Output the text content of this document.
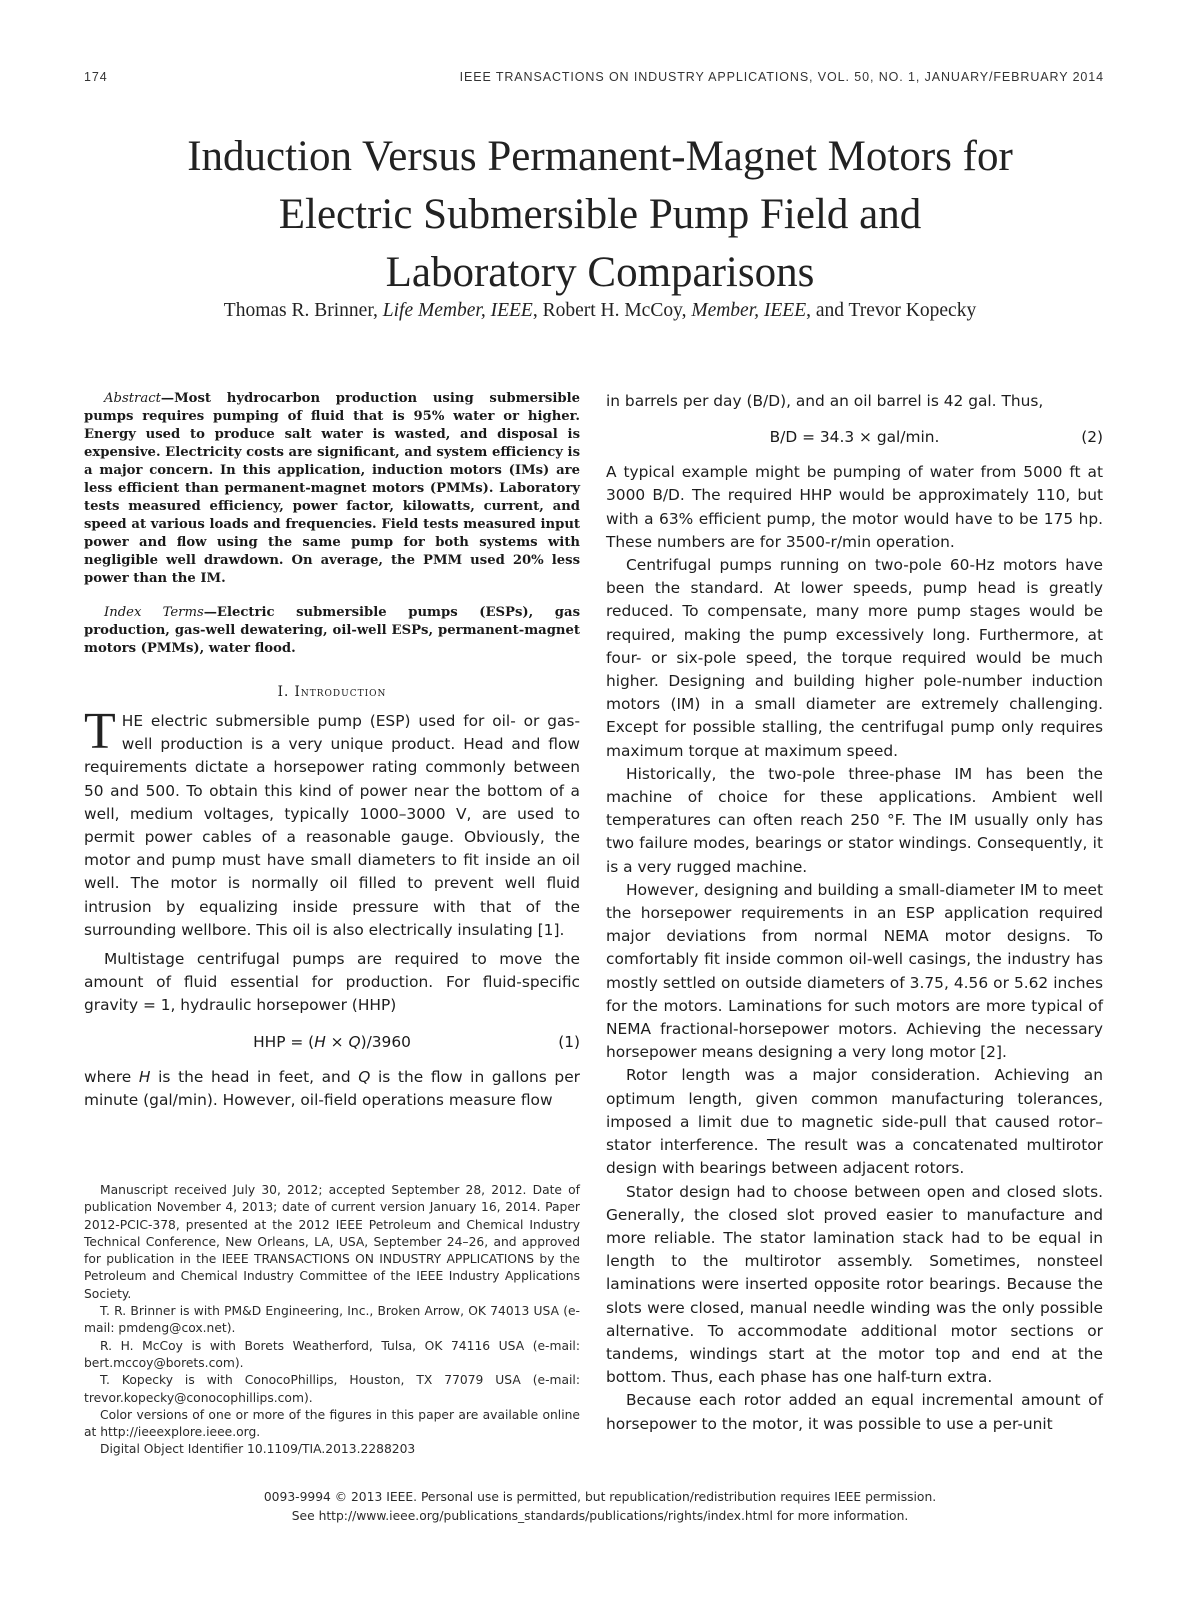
174	IEEE TRANSACTIONS ON INDUSTRY APPLICATIONS, VOL. 50, NO. 1, JANUARY/FEBRUARY 2014
Induction Versus Permanent-Magnet Motors for
Electric Submersible Pump Field and
Laboratory Comparisons
Thomas R. Brinner, Life Member, IEEE, Robert H. McCoy, Member, IEEE, and Trevor Kopecky

Abstract—Most hydrocarbon production using submersible pumps requires pumping of fluid that is 95% water or higher. Energy used to produce salt water is wasted, and disposal is expensive. Electricity costs are significant, and system efficiency is a major concern. In this application, induction motors (IMs) are less efficient than permanent-magnet motors (PMMs). Laboratory tests measured efficiency, power factor, kilowatts, current, and speed at various loads and frequencies. Field tests measured input power and flow using the same pump for both systems with negligible well drawdown. On average, the PMM used 20% less power than the IM.

Index Terms—Electric submersible pumps (ESPs), gas production, gas-well dewatering, oil-well ESPs, permanent-magnet motors (PMMs), water flood.

I. Introduction

THE electric submersible pump (ESP) used for oil- or gas-well production is a very unique product. Head and flow requirements dictate a horsepower rating commonly between 50 and 500. To obtain this kind of power near the bottom of a well, medium voltages, typically 1000–3000 V, are used to permit power cables of a reasonable gauge. Obviously, the motor and pump must have small diameters to fit inside an oil well. The motor is normally oil filled to prevent well fluid intrusion by equalizing inside pressure with that of the surrounding wellbore. This oil is also electrically insulating [1].

Multistage centrifugal pumps are required to move the amount of fluid essential for production. For fluid-specific gravity = 1, hydraulic horsepower (HHP)

HHP = (H × Q)/3960	(1)

where H is the head in feet, and Q is the flow in gallons per minute (gal/min). However, oil-field operations measure flow

Manuscript received July 30, 2012; accepted September 28, 2012. Date of publication November 4, 2013; date of current version January 16, 2014. Paper 2012-PCIC-378, presented at the 2012 IEEE Petroleum and Chemical Industry Technical Conference, New Orleans, LA, USA, September 24–26, and approved for publication in the IEEE TRANSACTIONS ON INDUSTRY APPLICATIONS by the Petroleum and Chemical Industry Committee of the IEEE Industry Applications Society.

T. R. Brinner is with PM&D Engineering, Inc., Broken Arrow, OK 74013 USA (e-mail: pmdeng@cox.net).

R. H. McCoy is with Borets Weatherford, Tulsa, OK 74116 USA (e-mail: bert.mccoy@borets.com).

T. Kopecky is with ConocoPhillips, Houston, TX 77079 USA (e-mail: trevor.kopecky@conocophillips.com).

Color versions of one or more of the figures in this paper are available online at http://ieeexplore.ieee.org.

Digital Object Identifier 10.1109/TIA.2013.2288203

in barrels per day (B/D), and an oil barrel is 42 gal. Thus,

B/D = 34.3 × gal/min.	(2)

A typical example might be pumping of water from 5000 ft at 3000 B/D. The required HHP would be approximately 110, but with a 63% efficient pump, the motor would have to be 175 hp. These numbers are for 3500-r/min operation.

Centrifugal pumps running on two-pole 60-Hz motors have been the standard. At lower speeds, pump head is greatly reduced. To compensate, many more pump stages would be required, making the pump excessively long. Furthermore, at four- or six-pole speed, the torque required would be much higher. Designing and building higher pole-number induction motors (IM) in a small diameter are extremely challenging. Except for possible stalling, the centrifugal pump only requires maximum torque at maximum speed.

Historically, the two-pole three-phase IM has been the machine of choice for these applications. Ambient well temperatures can often reach 250 °F. The IM usually only has two failure modes, bearings or stator windings. Consequently, it is a very rugged machine.

However, designing and building a small-diameter IM to meet the horsepower requirements in an ESP application required major deviations from normal NEMA motor designs. To comfortably fit inside common oil-well casings, the industry has mostly settled on outside diameters of 3.75, 4.56 or 5.62 inches for the motors. Laminations for such motors are more typical of NEMA fractional-horsepower motors. Achieving the necessary horsepower means designing a very long motor [2].

Rotor length was a major consideration. Achieving an optimum length, given common manufacturing tolerances, imposed a limit due to magnetic side-pull that caused rotor–stator interference. The result was a concatenated multirotor design with bearings between adjacent rotors.

Stator design had to choose between open and closed slots. Generally, the closed slot proved easier to manufacture and more reliable. The stator lamination stack had to be equal in length to the multirotor assembly. Sometimes, nonsteel laminations were inserted opposite rotor bearings. Because the slots were closed, manual needle winding was the only possible alternative. To accommodate additional motor sections or tandems, windings start at the motor top and end at the bottom. Thus, each phase has one half-turn extra.

Because each rotor added an equal incremental amount of horsepower to the motor, it was possible to use a per-unit

0093-9994 © 2013 IEEE. Personal use is permitted, but republication/redistribution requires IEEE permission.

See http://www.ieee.org/publications_standards/publications/rights/index.html for more information.
